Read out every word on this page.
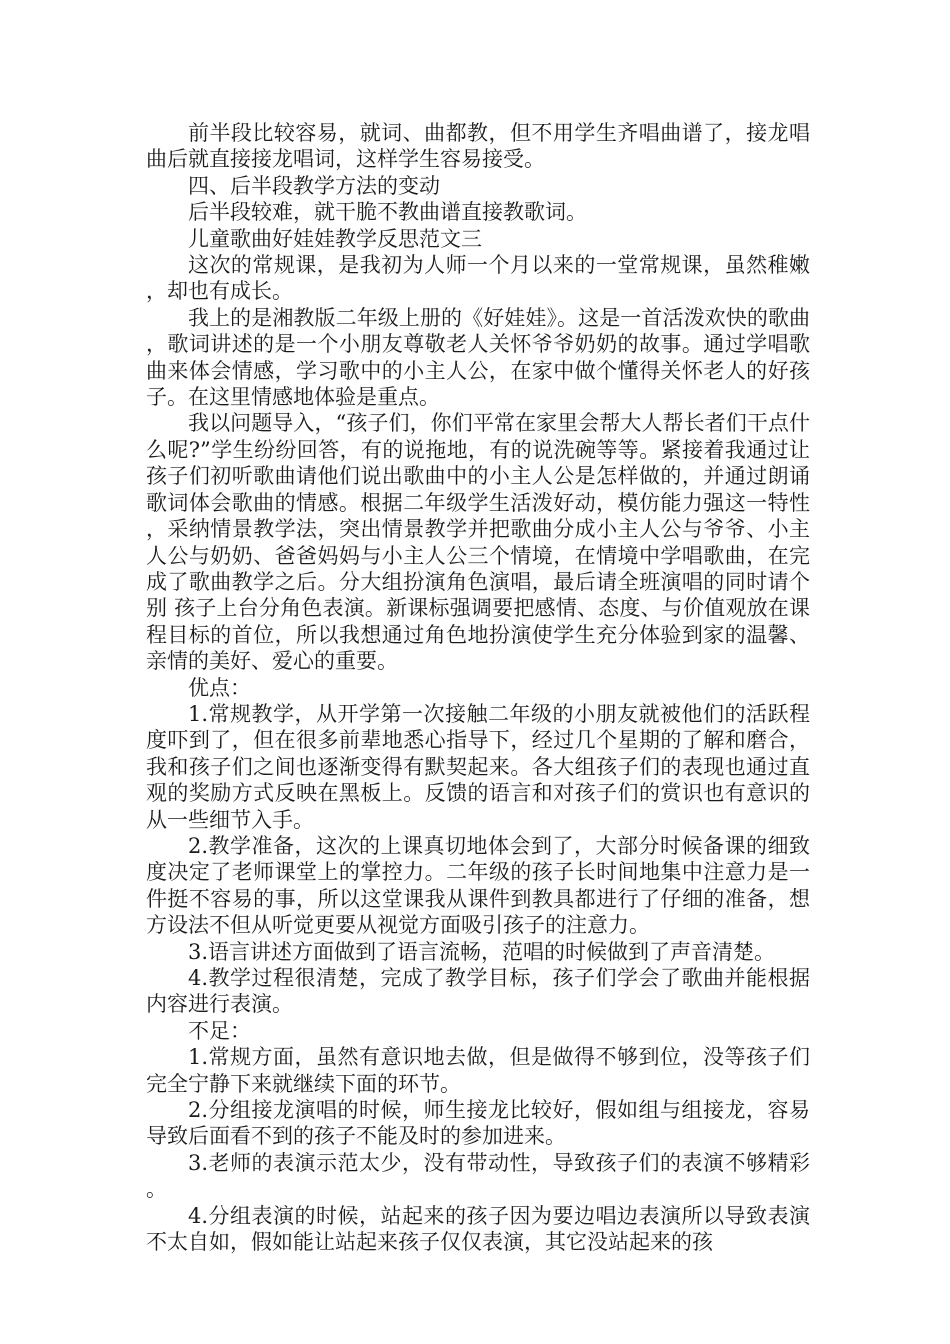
前半段比较容易，就词、曲都教，但不用学生齐唱曲谱了，接龙唱曲后就直接接龙唱词，这样学生容易接受。

四、后半段教学方法的变动

后半段较难，就干脆不教曲谱直接教歌词。

儿童歌曲好娃娃教学反思范文三

这次的常规课，是我初为人师一个月以来的一堂常规课，虽然稚嫩，却也有成长。

我上的是湘教版二年级上册的《好娃娃》。这是一首活泼欢快的歌曲，歌词讲述的是一个小朋友尊敬老人关怀爷爷奶奶的故事。通过学唱歌曲来体会情感，学习歌中的小主人公，在家中做个懂得关怀老人的好孩子。在这里情感地体验是重点。

我以问题导入，“孩子们，你们平常在家里会帮大人帮长者们干点什么呢?”学生纷纷回答，有的说拖地，有的说洗碗等等。紧接着我通过让孩子们初听歌曲请他们说出歌曲中的小主人公是怎样做的，并通过朗诵歌词体会歌曲的情感。根据二年级学生活泼好动，模仿能力强这一特性，采纳情景教学法，突出情景教学并把歌曲分成小主人公与爷爷、小主人公与奶奶、爸爸妈妈与小主人公三个情境，在情境中学唱歌曲，在完成了歌曲教学之后。分大组扮演角色演唱，最后请全班演唱的同时请个别 孩子上台分角色表演。新课标强调要把感情、态度、与价值观放在课程目标的首位，所以我想通过角色地扮演使学生充分体验到家的温馨、亲情的美好、爱心的重要。

优点：

1.常规教学，从开学第一次接触二年级的小朋友就被他们的活跃程度吓到了，但在很多前辈地悉心指导下，经过几个星期的了解和磨合，我和孩子们之间也逐渐变得有默契起来。各大组孩子们的表现也通过直观的奖励方式反映在黑板上。反馈的语言和对孩子们的赏识也有意识的从一些细节入手。

2.教学准备，这次的上课真切地体会到了，大部分时候备课的细致度决定了老师课堂上的掌控力。二年级的孩子长时间地集中注意力是一件挺不容易的事，所以这堂课我从课件到教具都进行了仔细的准备，想方设法不但从听觉更要从视觉方面吸引孩子的注意力。

3.语言讲述方面做到了语言流畅，范唱的时候做到了声音清楚。

4.教学过程很清楚，完成了教学目标，孩子们学会了歌曲并能根据内容进行表演。

不足：

1.常规方面，虽然有意识地去做，但是做得不够到位，没等孩子们完全宁静下来就继续下面的环节。

2.分组接龙演唱的时候，师生接龙比较好，假如组与组接龙，容易导致后面看不到的孩子不能及时的参加进来。

3.老师的表演示范太少，没有带动性，导致孩子们的表演不够精彩。

4.分组表演的时候，站起来的孩子因为要边唱边表演所以导致表演不太自如，假如能让站起来孩子仅仅表演，其它没站起来的孩
